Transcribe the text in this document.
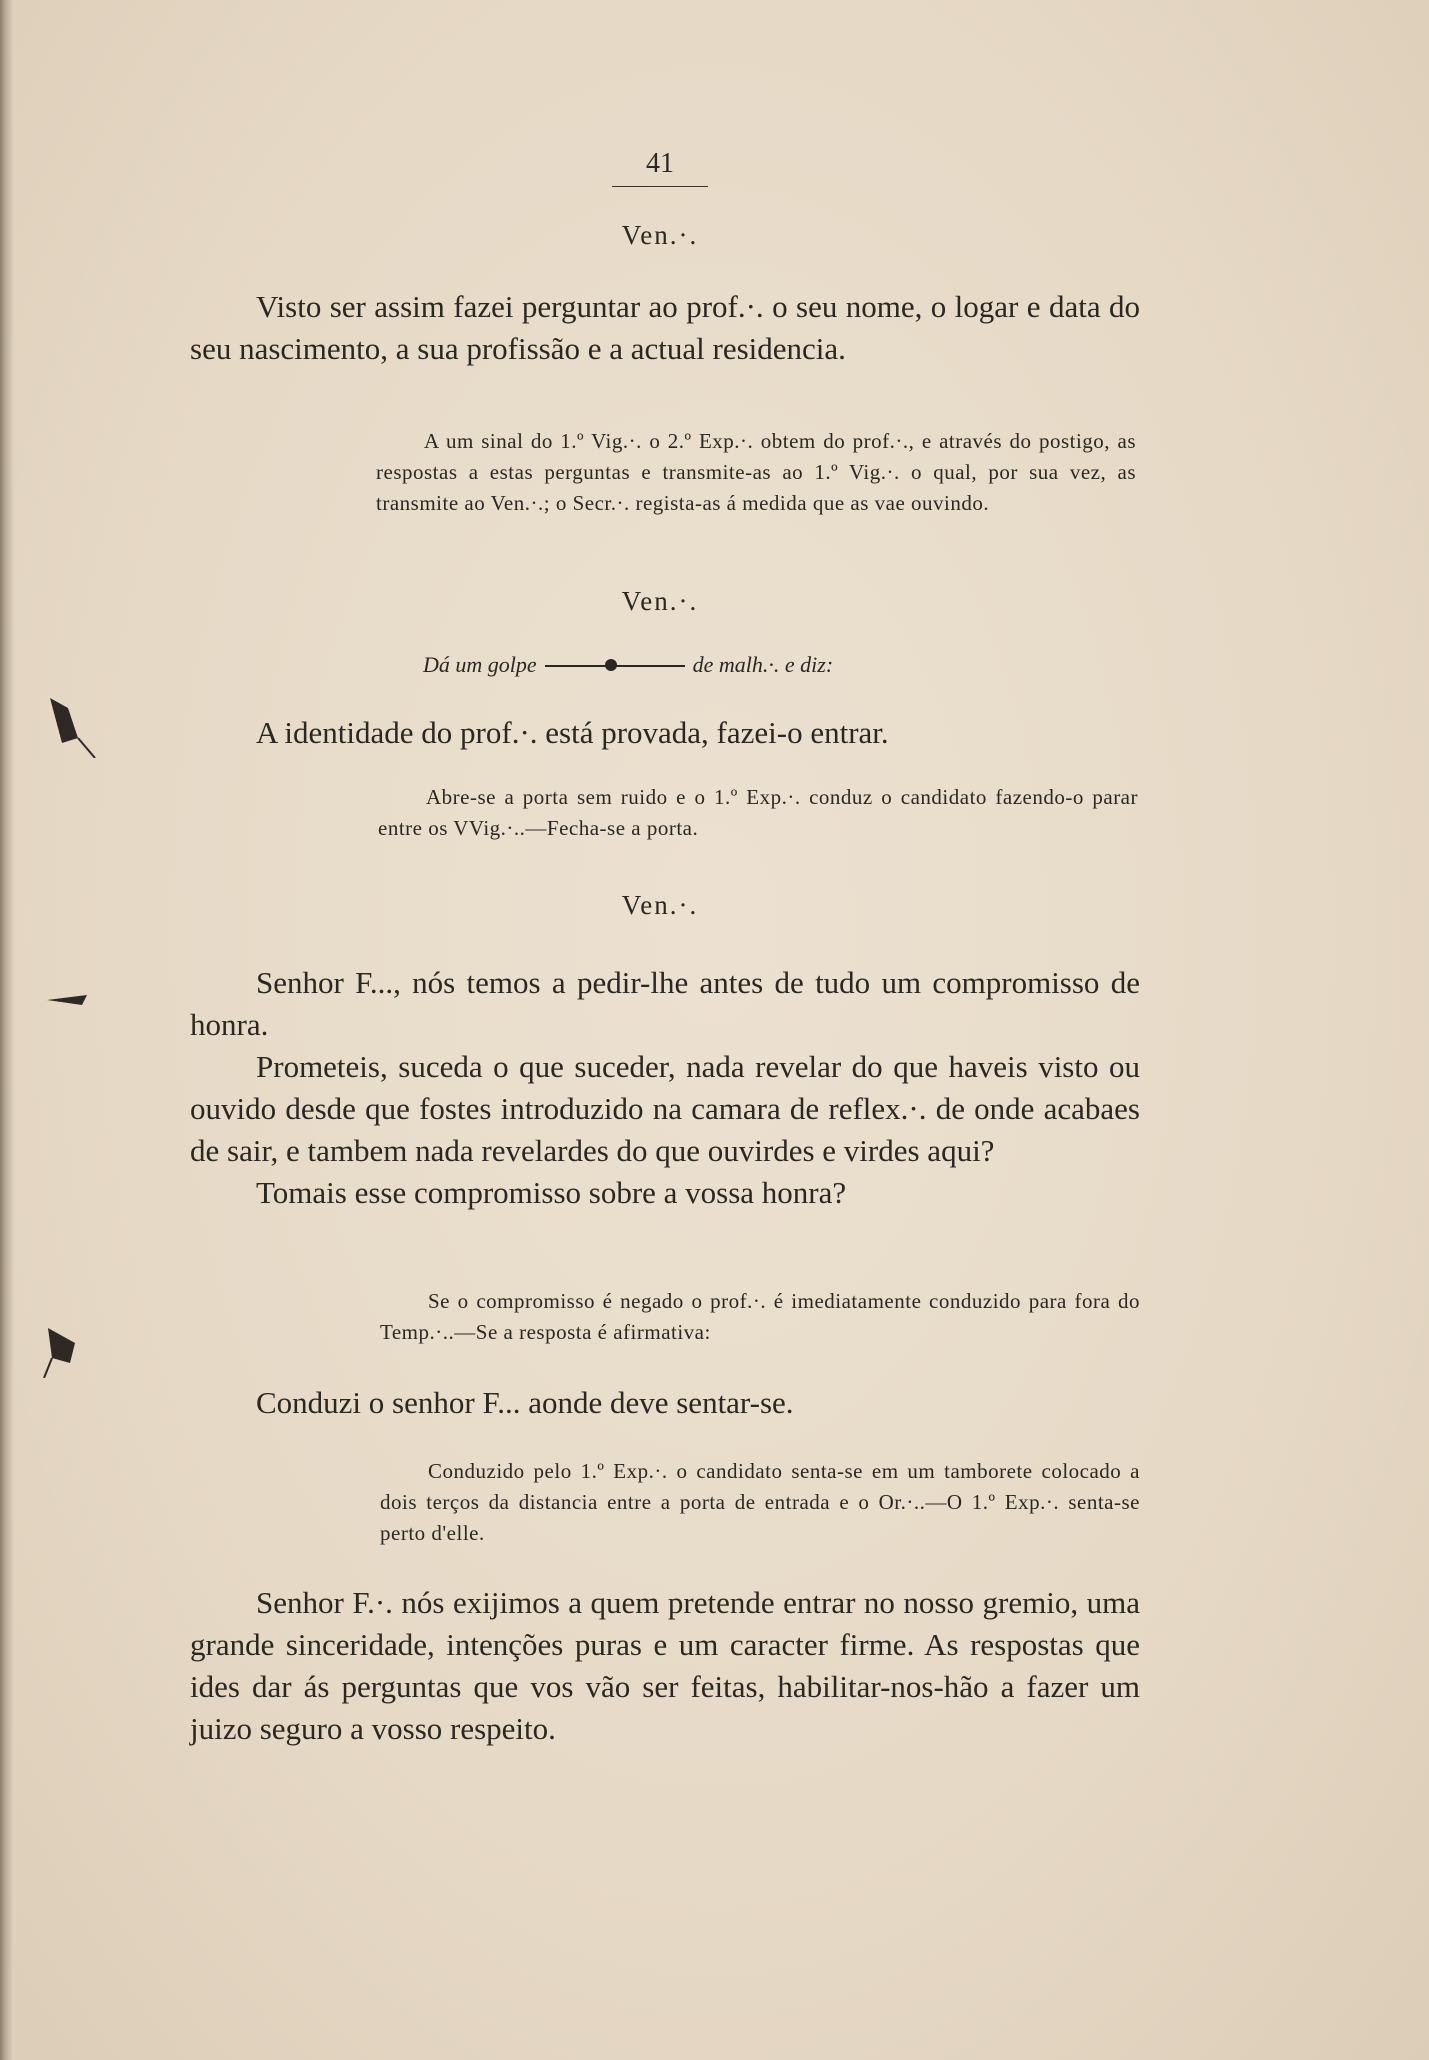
41
Ven.·.

Visto ser assim fazei perguntar ao prof.·. o seu nome, o logar e data do seu nascimento, a sua profissão e a actual residencia.

A um sinal do 1.º Vig.·. o 2.º Exp.·. obtem do prof.·., e através do postigo, as respostas a estas perguntas e transmite-as ao 1.º Vig.·. o qual, por sua vez, as transmite ao Ven.·.; o Secr.·. regista-as á medida que as vae ouvindo.

Ven.·.
Dá um golpe	de malh.·. e diz:

A identidade do prof.·. está provada, fazei-o entrar.

Abre-se a porta sem ruido e o 1.º Exp.·. conduz o candidato fazendo-o parar entre os VVig.·..—Fecha-se a porta.

Ven.·.

Senhor F..., nós temos a pedir-lhe antes de tudo um compromisso de honra.

Prometeis, suceda o que suceder, nada revelar do que haveis visto ou ouvido desde que fostes introduzido na camara de reflex.·. de onde acabaes de sair, e tambem nada revelardes do que ouvirdes e virdes aqui?

Tomais esse compromisso sobre a vossa honra?

Se o compromisso é negado o prof.·. é imediatamente conduzido para fora do Temp.·..—Se a resposta é afirmativa:

Conduzi o senhor F... aonde deve sentar-se.

Conduzido pelo 1.º Exp.·. o candidato senta-se em um tamborete colocado a dois terços da distancia entre a porta de entrada e o Or.·..—O 1.º Exp.·. senta-se perto d'elle.

Senhor F.·. nós exijimos a quem pretende entrar no nosso gremio, uma grande sinceridade, intenções puras e um caracter firme. As respostas que ides dar ás perguntas que vos vão ser feitas, habilitar-nos-hão a fazer um juizo seguro a vosso respeito.
